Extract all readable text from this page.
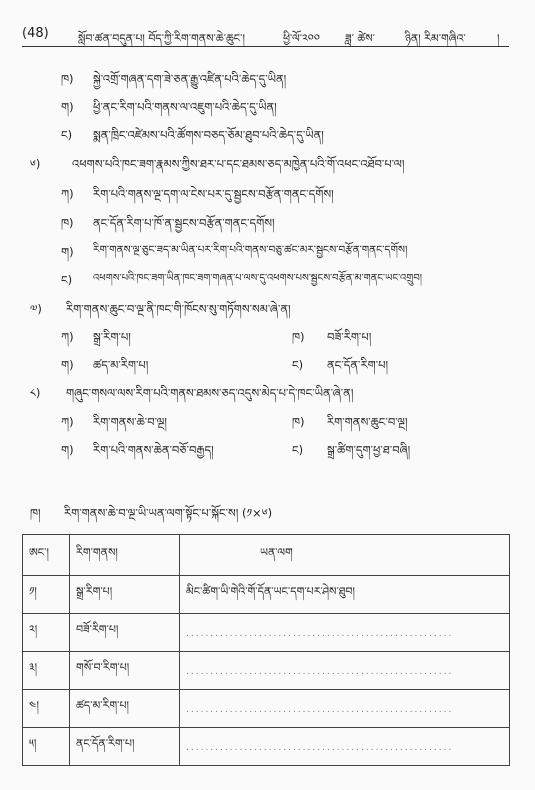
(48)	སློབ་ཚན་བདུན་པ། བོད་ཀྱི་རིག་གནས་ཆེ་ཆུང་།	ཕྱི་ལོ་༢༠༠ ཟླ་ ཚེས་	ཉིན། རིམ་གཞིའ་	།
ཁ) སྐྱེ་འགྲོ་གཞན་དག་ཟེ་ཅན་རྒྱུ་འཛིན་པའི་ཆེད་དུ་ཡིན།
ག) ཕྱི་ནང་རིག་པའི་གནས་ལ་འཇུག་པའི་ཆེད་དུ་ཡིན།
ང) སྨན་ཁྲིང་འཛེམས་པའི་ཚོགས་བཅད་ཅོམ་ཐུབ་པའི་ཆེད་དུ་ཡིན།
༦)	འཕགས་པའི་ཁང་ཟག་རྣམས་ཀྱིས་ཐར་པ་དང་ཐམས་ཅད་མཁྱེན་པའི་གོ་འཕང་འཐོབ་པ་ལ།
ཀ) རིག་པའི་གནས་ལྔ་དག་ལ་ངེས་པར་དུ་སྦྱངས་བརྩོན་གནང་དགོས།
ཁ) ནང་དོན་རིག་པ་ཁོ་ན་སྦྱངས་བརྩོན་གནང་དགོས།
ག) རིག་གནས་ལྔ་ཅུང་ཟད་མ་ཡིན་པར་རིག་པའི་གནས་བཅུ་ཚང་མར་སྦྱངས་བརྩོན་གནང་དགོས།
ང) འཕགས་པའི་ཁང་ཟག་ཡིན་ཁང་ཟག་གཞན་པ་ལས་དུ་འཕགས་པས་སྦྱངས་བརྩོན་མ་གནང་ཡང་འགྲུབ།
༧) རིག་གནས་ཆུང་བ་ལྔ་ནི་ཁང་གི་ཁོངས་སུ་གཏོགས་སམ་ཞེ་ན།
ཀ) སྒྲ་རིག་པ།	ཁ) བཟོ་རིག་པ།
ག) ཚད་མ་རིག་པ།	ང) ནང་དོན་རིག་པ།
༨) གཞུང་གསལ་ལས་རིག་པའི་གནས་ཐམས་ཅད་འདུས་མེད་པ་དེ་ཁང་ཡིན་ཞེ་ན།
ཀ) རིག་གནས་ཆེ་བ་ལྔ།	ཁ) རིག་གནས་ཆུང་བ་ལྔ།
ག) རིག་པའི་གནས་ཆེན་བཅོ་བརྒྱད།	ང) སྒྲ་ཚིག་དུག་ཕྱ་ཐ་བཞི།
ཁ། རིག་གནས་ཆེ་བ་ལྔ་ཡི་ཡན་ལག་སྟོང་པ་སྐོང་ས། (༡×༦)
ཨང་།	རིག་གནས།	ཡན་ལག
༡།	སྒྲ་རིག་པ།	མིང་ཚིག་ཡི་གེའི་གོ་དོན་ཡང་དག་པར་ཤེས་ཐུབ།
༢།	བཟོ་རིག་པ།	.......................................................
༣།	གསོ་བ་རིག་པ།	.......................................................
༤།	ཚད་མ་རིག་པ།	.......................................................
༥།	ནང་དོན་རིག་པ།	.......................................................
